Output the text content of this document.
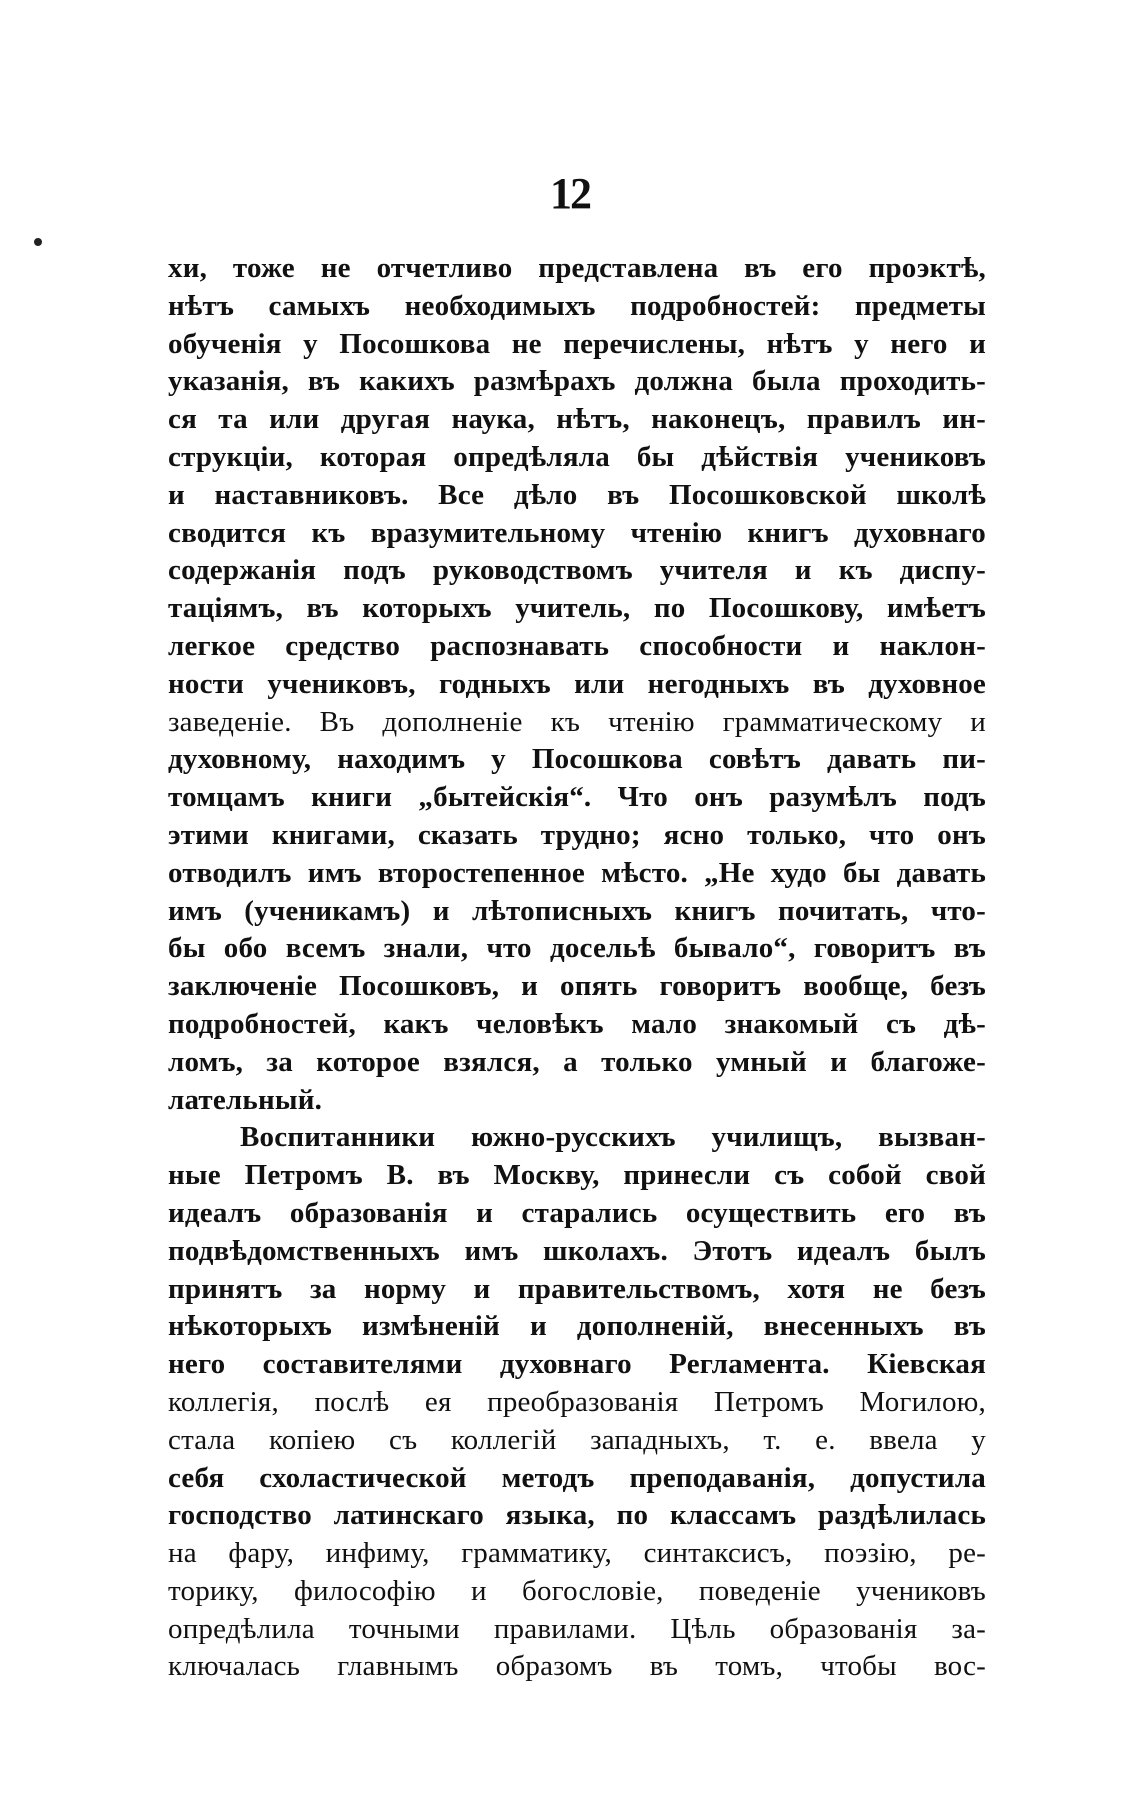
12
хи, тоже не отчетливо представлена въ его проэктѣ,
нѣтъ самыхъ необходимыхъ подробностей: предметы
обученія у Посошкова не перечислены, нѣтъ у него и
указанія, въ какихъ размѣрахъ должна была проходить-
ся та или другая наука, нѣтъ, наконецъ, правилъ ин-
струкціи, которая опредѣляла бы дѣйствія учениковъ
и наставниковъ. Все дѣло въ Посошковской школѣ
сводится къ вразумительному чтенію книгъ духовнаго
содержанія подъ руководствомъ учителя и къ диспу-
таціямъ, въ которыхъ учитель, по Посошкову, имѣетъ
легкое средство распознавать способности и наклон-
ности учениковъ, годныхъ или негодныхъ въ духовное
заведеніе. Въ дополненіе къ чтенію грамматическому и
духовному, находимъ у Посошкова совѣтъ давать пи-
томцамъ книги „бытейскія“. Что онъ разумѣлъ подъ
этими книгами, сказать трудно; ясно только, что онъ
отводилъ имъ второстепенное мѣсто. „Не худо бы давать
имъ (ученикамъ) и лѣтописныхъ книгъ почитать, что-
бы обо всемъ знали, что досельѣ бывало“, говоритъ въ
заключеніе Посошковъ, и опять говоритъ вообще, безъ
подробностей, какъ человѣкъ мало знакомый съ дѣ-
ломъ, за которое взялся, а только умный и благоже-
лательный.
Воспитанники южно-русскихъ училищъ, вызван-
ные Петромъ В. въ Москву, принесли съ собой свой
идеалъ образованія и старались осуществить его въ
подвѣдомственныхъ имъ школахъ. Этотъ идеалъ былъ
принятъ за норму и правительствомъ, хотя не безъ
нѣкоторыхъ измѣненій и дополненій, внесенныхъ въ
него составителями духовнаго Регламента. Кіевская
коллегія, послѣ ея преобразованія Петромъ Могилою,
стала копіею съ коллегій западныхъ, т. е. ввела у
себя схоластической методъ преподаванія, допустила
господство латинскаго языка, по классамъ раздѣлилась
на фару, инфиму, грамматику, синтаксисъ, поэзію, ре-
торику, философію и богословіе, поведеніе учениковъ
опредѣлила точными правилами. Цѣль образованія за-
ключалась главнымъ образомъ въ томъ, чтобы вос-
